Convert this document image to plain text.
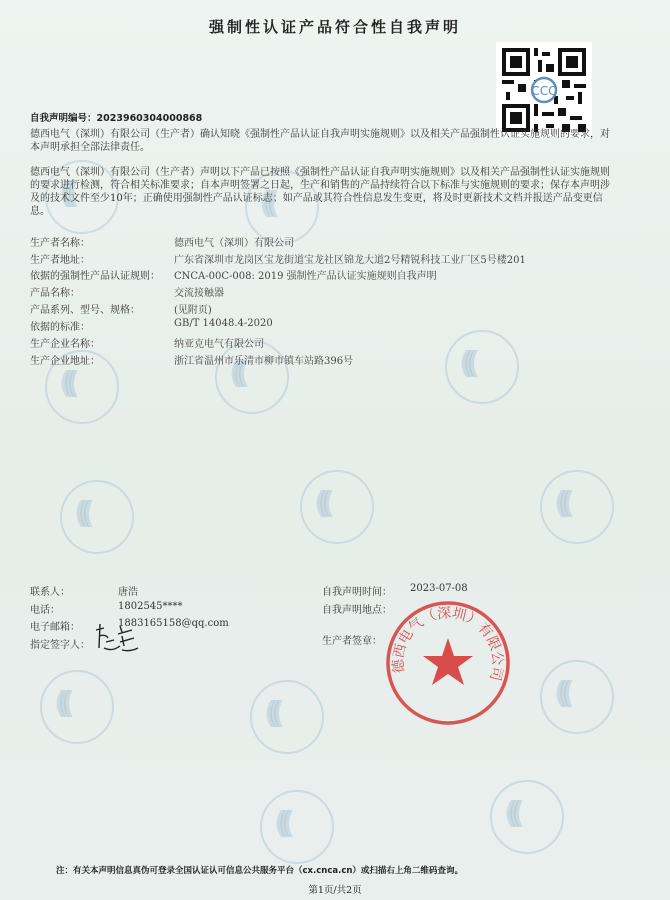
(((
(((
(((
(((
(((
(((
(((
(((
(((
(((
(((
(((
(((
强制性认证产品符合性自我声明
CCC
自我声明编号：2023960304000868
德西电气（深圳）有限公司（生产者）确认知晓《强制性产品认证自我声明实施规则》以及相关产品强制性认证实施规则的要求，对本声明承担全部法律责任。
德西电气（深圳）有限公司（生产者）声明以下产品已按照《强制性产品认证自我声明实施规则》以及相关产品强制性认证实施规则的要求进行检测，符合相关标准要求；自本声明签署之日起，生产和销售的产品持续符合以下标准与实施规则的要求；保存本声明涉及的技术文件至少10年；正确使用强制性产品认证标志；如产品或其符合性信息发生变更，将及时更新技术文档并报送产品变更信息。
生产者名称：	德西电气（深圳）有限公司
生产者地址：	广东省深圳市龙岗区宝龙街道宝龙社区锦龙大道2号精锐科技工业厂区5号楼201
依据的强制性产品认证规则： CNCA-00C-008: 2019 强制性产品认证实施规则自我声明
产品名称：	交流接触器
产品系列、型号、规格：	(见附页)
依据的标准：	GB/T 14048.4-2020
生产企业名称：	纳亚克电气有限公司
生产企业地址：	浙江省温州市乐清市柳市镇车站路396号
联系人：	唐浩
电话：	1802545****
电子邮箱：	1883165158@qq.com
指定签字人：
自我声明时间： 2023-07-08
自我声明地点：
生产者签章：
德西电气（深圳）有限公司
注：有关本声明信息真伪可登录全国认证认可信息公共服务平台（cx.cnca.cn）或扫描右上角二维码查询。
第1页/共2页
